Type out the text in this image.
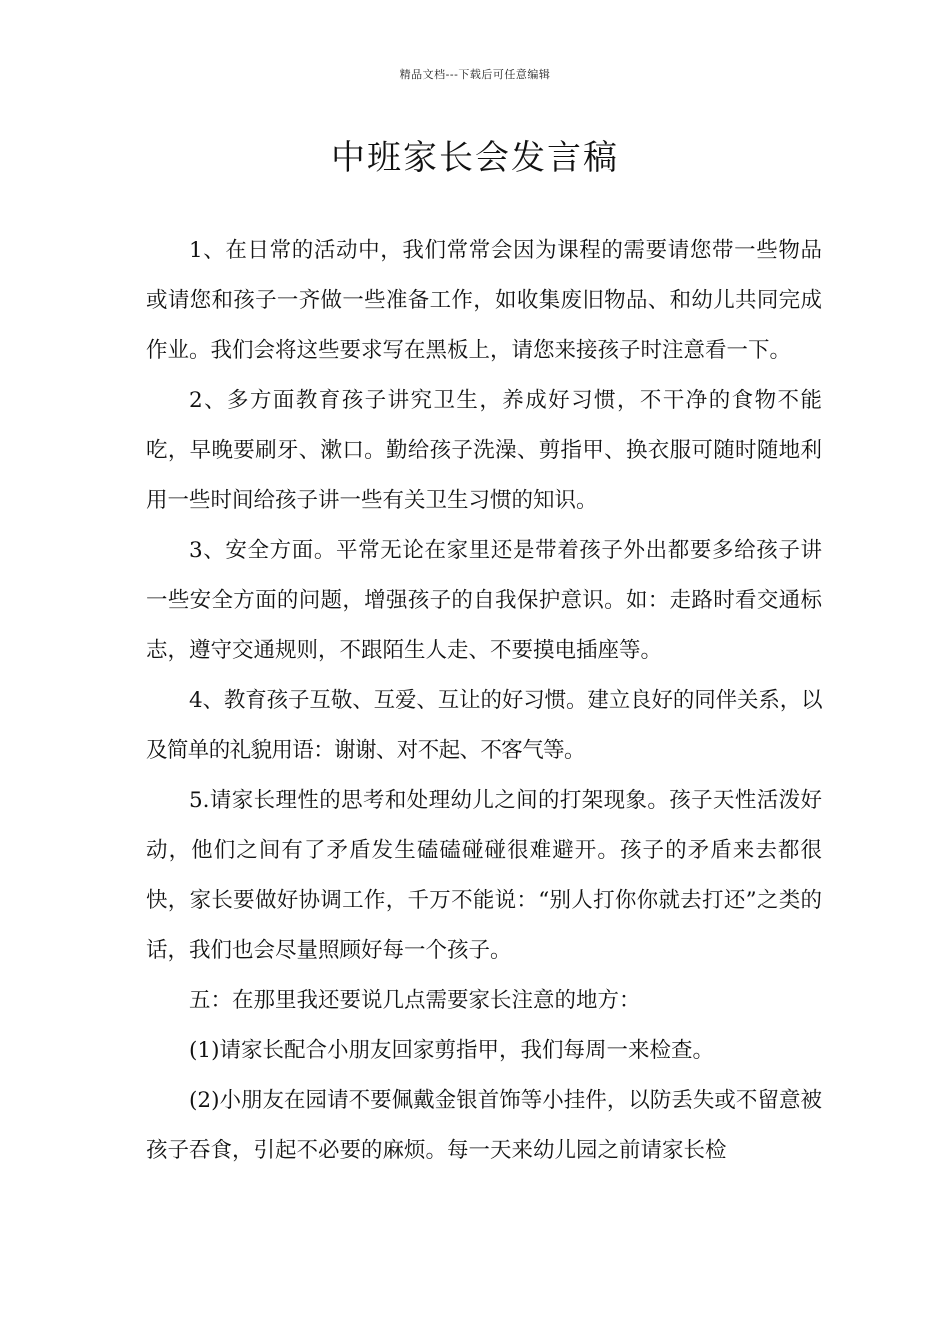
精品文档---下载后可任意编辑
中班家长会发言稿

1、在日常的活动中，我们常常会因为课程的需要请您带一些物品或请您和孩子一齐做一些准备工作，如收集废旧物品、和幼儿共同完成作业。我们会将这些要求写在黑板上，请您来接孩子时注意看一下。

2、多方面教育孩子讲究卫生，养成好习惯，不干净的食物不能吃，早晚要刷牙、漱口。勤给孩子洗澡、剪指甲、换衣服可随时随地利用一些时间给孩子讲一些有关卫生习惯的知识。

3、安全方面。平常无论在家里还是带着孩子外出都要多给孩子讲一些安全方面的问题，增强孩子的自我保护意识。如：走路时看交通标志，遵守交通规则，不跟陌生人走、不要摸电插座等。

4、教育孩子互敬、互爱、互让的好习惯。建立良好的同伴关系，以及简单的礼貌用语：谢谢、对不起、不客气等。

5.请家长理性的思考和处理幼儿之间的打架现象。孩子天性活泼好动，他们之间有了矛盾发生磕磕碰碰很难避开。孩子的矛盾来去都很快，家长要做好协调工作，千万不能说：“别人打你你就去打还”之类的话，我们也会尽量照顾好每一个孩子。

五：在那里我还要说几点需要家长注意的地方：

(1)请家长配合小朋友回家剪指甲，我们每周一来检查。

(2)小朋友在园请不要佩戴金银首饰等小挂件，以防丢失或不留意被孩子吞食，引起不必要的麻烦。每一天来幼儿园之前请家长检
